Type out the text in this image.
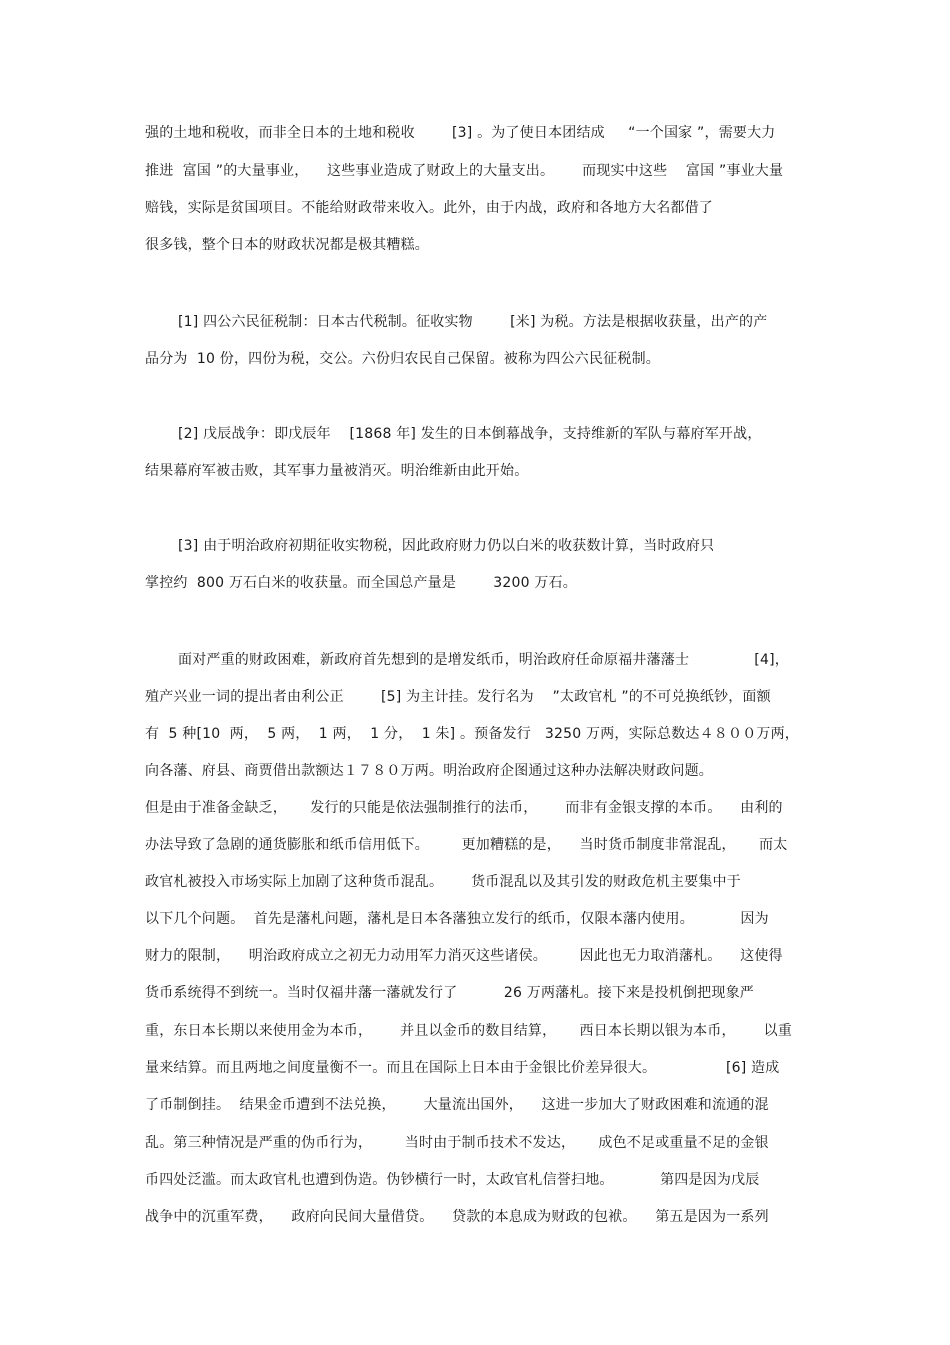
强的土地和税收，而非全日本的土地和税收        [3] 。为了使日本团结成     “一个国家 ”，需要大力
推进  富国 ”的大量事业，    这些事业造成了财政上的大量支出。      而现实中这些    富国 ”事业大量
赔钱，实际是贫国项目。不能给财政带来收入。此外，由于内战，政府和各地方大名都借了
很多钱，整个日本的财政状况都是极其糟糕。
[1] 四公六民征税制：日本古代税制。征收实物        [米] 为税。方法是根据收获量，出产的产
品分为  10 份，四份为税，交公。六份归农民自己保留。被称为四公六民征税制。
[2] 戊辰战争：即戊辰年    [1868 年] 发生的日本倒幕战争，支持维新的军队与幕府军开战，
结果幕府军被击败，其军事力量被消灭。明治维新由此开始。
[3] 由于明治政府初期征收实物税，因此政府财力仍以白米的收获数计算，当时政府只
掌控约  800 万石白米的收获量。而全国总产量是        3200 万石。
面对严重的财政困难，新政府首先想到的是增发纸币，明治政府任命原福井藩藩士              [4]，
殖产兴业一词的提出者由利公正        [5] 为主计挂。发行名为    ”太政官札 ”的不可兑换纸钞，面额
有  5 种[10  两，  5 两，  1 两，  1 分，  1 朱] 。预备发行   3250 万两，实际总数达４８００万两，
向各藩、府县、商贾借出款额达１７８０万两。明治政府企图通过这种办法解决财政问题。
但是由于准备金缺乏，     发行的只能是依法强制推行的法币，      而非有金银支撑的本币。    由利的
办法导致了急剧的通货膨胀和纸币信用低下。       更加糟糕的是，    当时货币制度非常混乱，     而太
政官札被投入市场实际上加剧了这种货币混乱。      货币混乱以及其引发的财政危机主要集中于
以下几个问题。  首先是藩札问题，藩札是日本各藩独立发行的纸币，仅限本藩内使用。          因为
财力的限制，    明治政府成立之初无力动用军力消灭这些诸侯。       因此也无力取消藩札。    这使得
货币系统得不到统一。当时仅福井藩一藩就发行了          26 万两藩札。接下来是投机倒把现象严
重，东日本长期以来使用金为本币，      并且以金币的数目结算，     西日本长期以银为本币，      以重
量来结算。而且两地之间度量衡不一。而且在国际上日本由于金银比价差异很大。               [6] 造成
了币制倒挂。  结果金币遭到不法兑换，      大量流出国外，    这进一步加大了财政困难和流通的混
乱。第三种情况是严重的伪币行为，       当时由于制币技术不发达，     成色不足或重量不足的金银
币四处泛滥。而太政官札也遭到伪造。伪钞横行一时，太政官札信誉扫地。          第四是因为戊辰
战争中的沉重军费，    政府向民间大量借贷。    贷款的本息成为财政的包袱。    第五是因为一系列
